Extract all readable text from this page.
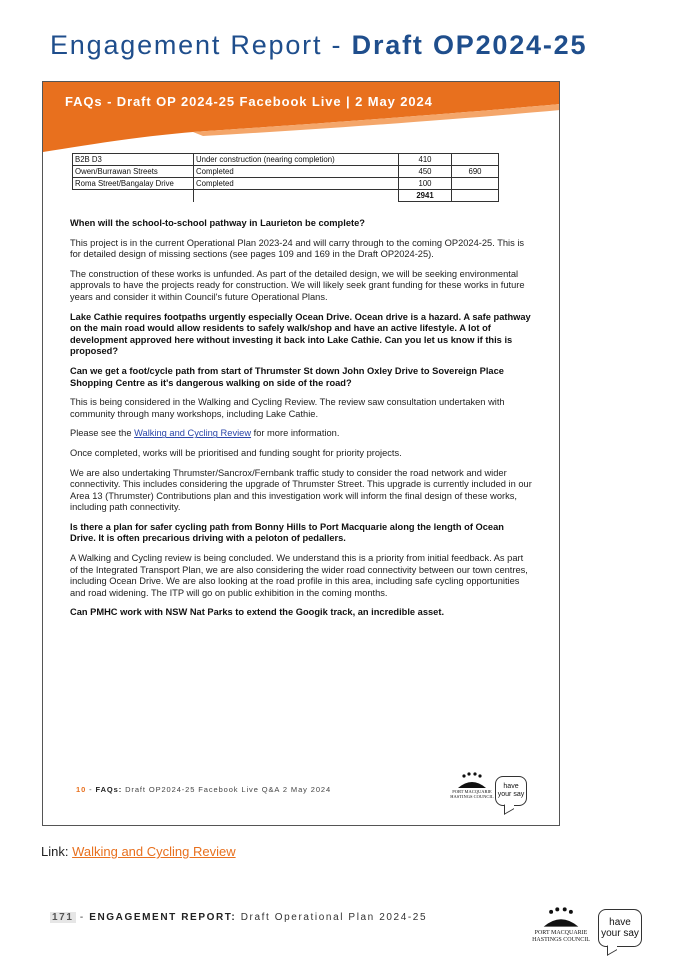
Engagement Report - Draft OP2024-25
FAQs - Draft OP 2024-25 Facebook Live | 2 May 2024
B2B D3	Under construction (nearing completion)	410	
Owen/Burrawan Streets	Completed	450	690
Roma Street/Bangalay Drive	Completed	100	
		2941	

When will the school-to-school pathway in Laurieton be complete?

This project is in the current Operational Plan 2023-24 and will carry through to the coming OP2024-25. This is for detailed design of missing sections (see pages 109 and 169 in the Draft OP2024-25).

The construction of these works is unfunded. As part of the detailed design, we will be seeking environmental approvals to have the projects ready for construction. We will likely seek grant funding for these works in future years and consider it within Council's future Operational Plans.

Lake Cathie requires footpaths urgently especially Ocean Drive. Ocean drive is a hazard. A safe pathway on the main road would allow residents to safely walk/shop and have an active lifestyle. A lot of development approved here without investing it back into Lake Cathie. Can you let us know if this is proposed?

Can we get a foot/cycle path from start of Thrumster St down John Oxley Drive to Sovereign Place Shopping Centre as it's dangerous walking on side of the road?

This is being considered in the Walking and Cycling Review. The review saw consultation undertaken with community through many workshops, including Lake Cathie.

Please see the Walking and Cycling Review for more information.

Once completed, works will be prioritised and funding sought for priority projects.

We are also undertaking Thrumster/Sancrox/Fernbank traffic study to consider the road network and wider connectivity. This includes considering the upgrade of Thrumster Street. This upgrade is currently included in our Area 13 (Thrumster) Contributions plan and this investigation work will inform the final design of these works, including path connectivity.

Is there a plan for safer cycling path from Bonny Hills to Port Macquarie along the length of Ocean Drive. It is often precarious driving with a peloton of pedallers.

A Walking and Cycling review is being concluded. We understand this is a priority from initial feedback. As part of the Integrated Transport Plan, we are also considering the wider road connectivity between our town centres, including Ocean Drive. We are also looking at the road profile in this area, including safe cycling opportunities and road widening. The ITP will go on public exhibition in the coming months.

Can PMHC work with NSW Nat Parks to extend the Googik track, an incredible asset.

10 - FAQs: Draft OP2024-25 Facebook Live Q&A 2 May 2024	PORT MACQUARIE
HASTINGS COUNCIL
have
your say
Link: Walking and Cycling Review
171 - ENGAGEMENT REPORT: Draft Operational Plan 2024-25
PORT MACQUARIE
HASTINGS COUNCIL
have
your say
